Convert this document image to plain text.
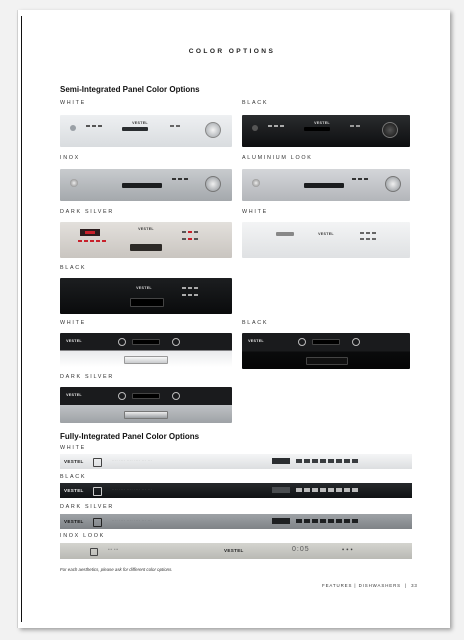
COLOR OPTIONS
Semi-Integrated Panel Color Options
WHITE	BLACK
VESTEL	VESTEL
INOX	ALUMINIUM LOOK
DARK SILVER	WHITE
VESTEL
VESTEL
BLACK
VESTEL
WHITE	BLACK
VESTEL	VESTEL
DARK SILVER
VESTEL
Fully-Integrated Panel Color Options
WHITE
VESTEL	· · · ·   · · · ·   · · · ·   · · · ·   · · ·   · · ·
BLACK
VESTEL	· · · ·   · · · ·   · · · ·   · · · ·   · · ·   · · ·
DARK SILVER
VESTEL	· · · ·   · · · ·   · · · ·   · · · ·   · · ·   · · ·
INOX LOOK
▪ ▪ ▪   ▪ ▪ ▪	VESTEL	0:05	◉   ◉   ◉
For each aesthetics, please ask for different color options.
FEATURES | DISHWASHERS | 33
